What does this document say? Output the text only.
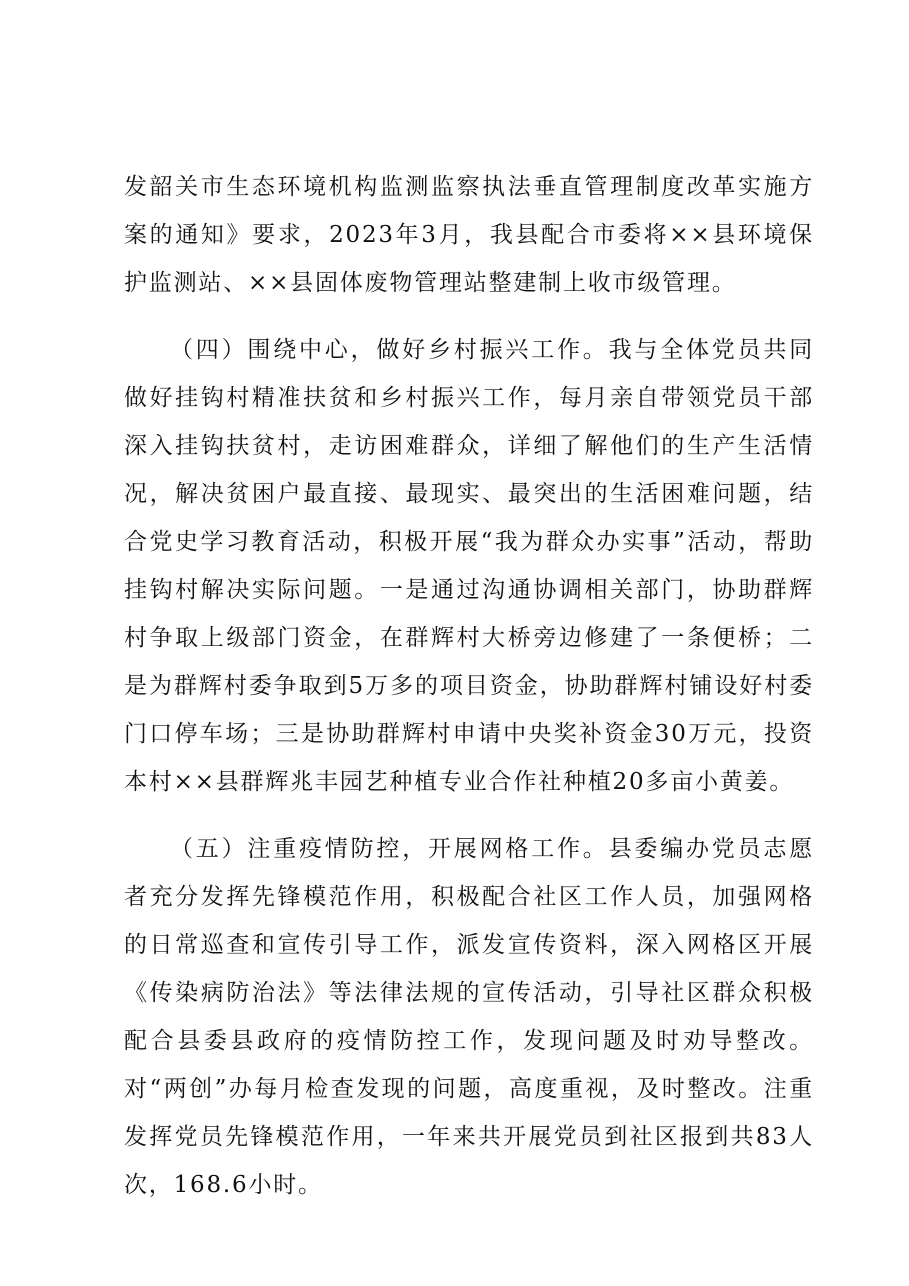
发韶关市生态环境机构监测监察执法垂直管理制度改革实施方案的通知》要求，2023年3月，我县配合市委将××县环境保护监测站、××县固体废物管理站整建制上收市级管理。

（四）围绕中心，做好乡村振兴工作。我与全体党员共同做好挂钩村精准扶贫和乡村振兴工作，每月亲自带领党员干部深入挂钩扶贫村，走访困难群众，详细了解他们的生产生活情况，解决贫困户最直接、最现实、最突出的生活困难问题，结合党史学习教育活动，积极开展“我为群众办实事”活动，帮助挂钩村解决实际问题。一是通过沟通协调相关部门，协助群辉村争取上级部门资金，在群辉村大桥旁边修建了一条便桥；二是为群辉村委争取到5万多的项目资金，协助群辉村铺设好村委门口停车场；三是协助群辉村申请中央奖补资金30万元，投资本村××县群辉兆丰园艺种植专业合作社种植20多亩小黄姜。

（五）注重疫情防控，开展网格工作。县委编办党员志愿者充分发挥先锋模范作用，积极配合社区工作人员，加强网格的日常巡查和宣传引导工作，派发宣传资料，深入网格区开展《传染病防治法》等法律法规的宣传活动，引导社区群众积极配合县委县政府的疫情防控工作，发现问题及时劝导整改。对“两创”办每月检查发现的问题，高度重视，及时整改。注重发挥党员先锋模范作用，一年来共开展党员到社区报到共83人次，168.6小时。
